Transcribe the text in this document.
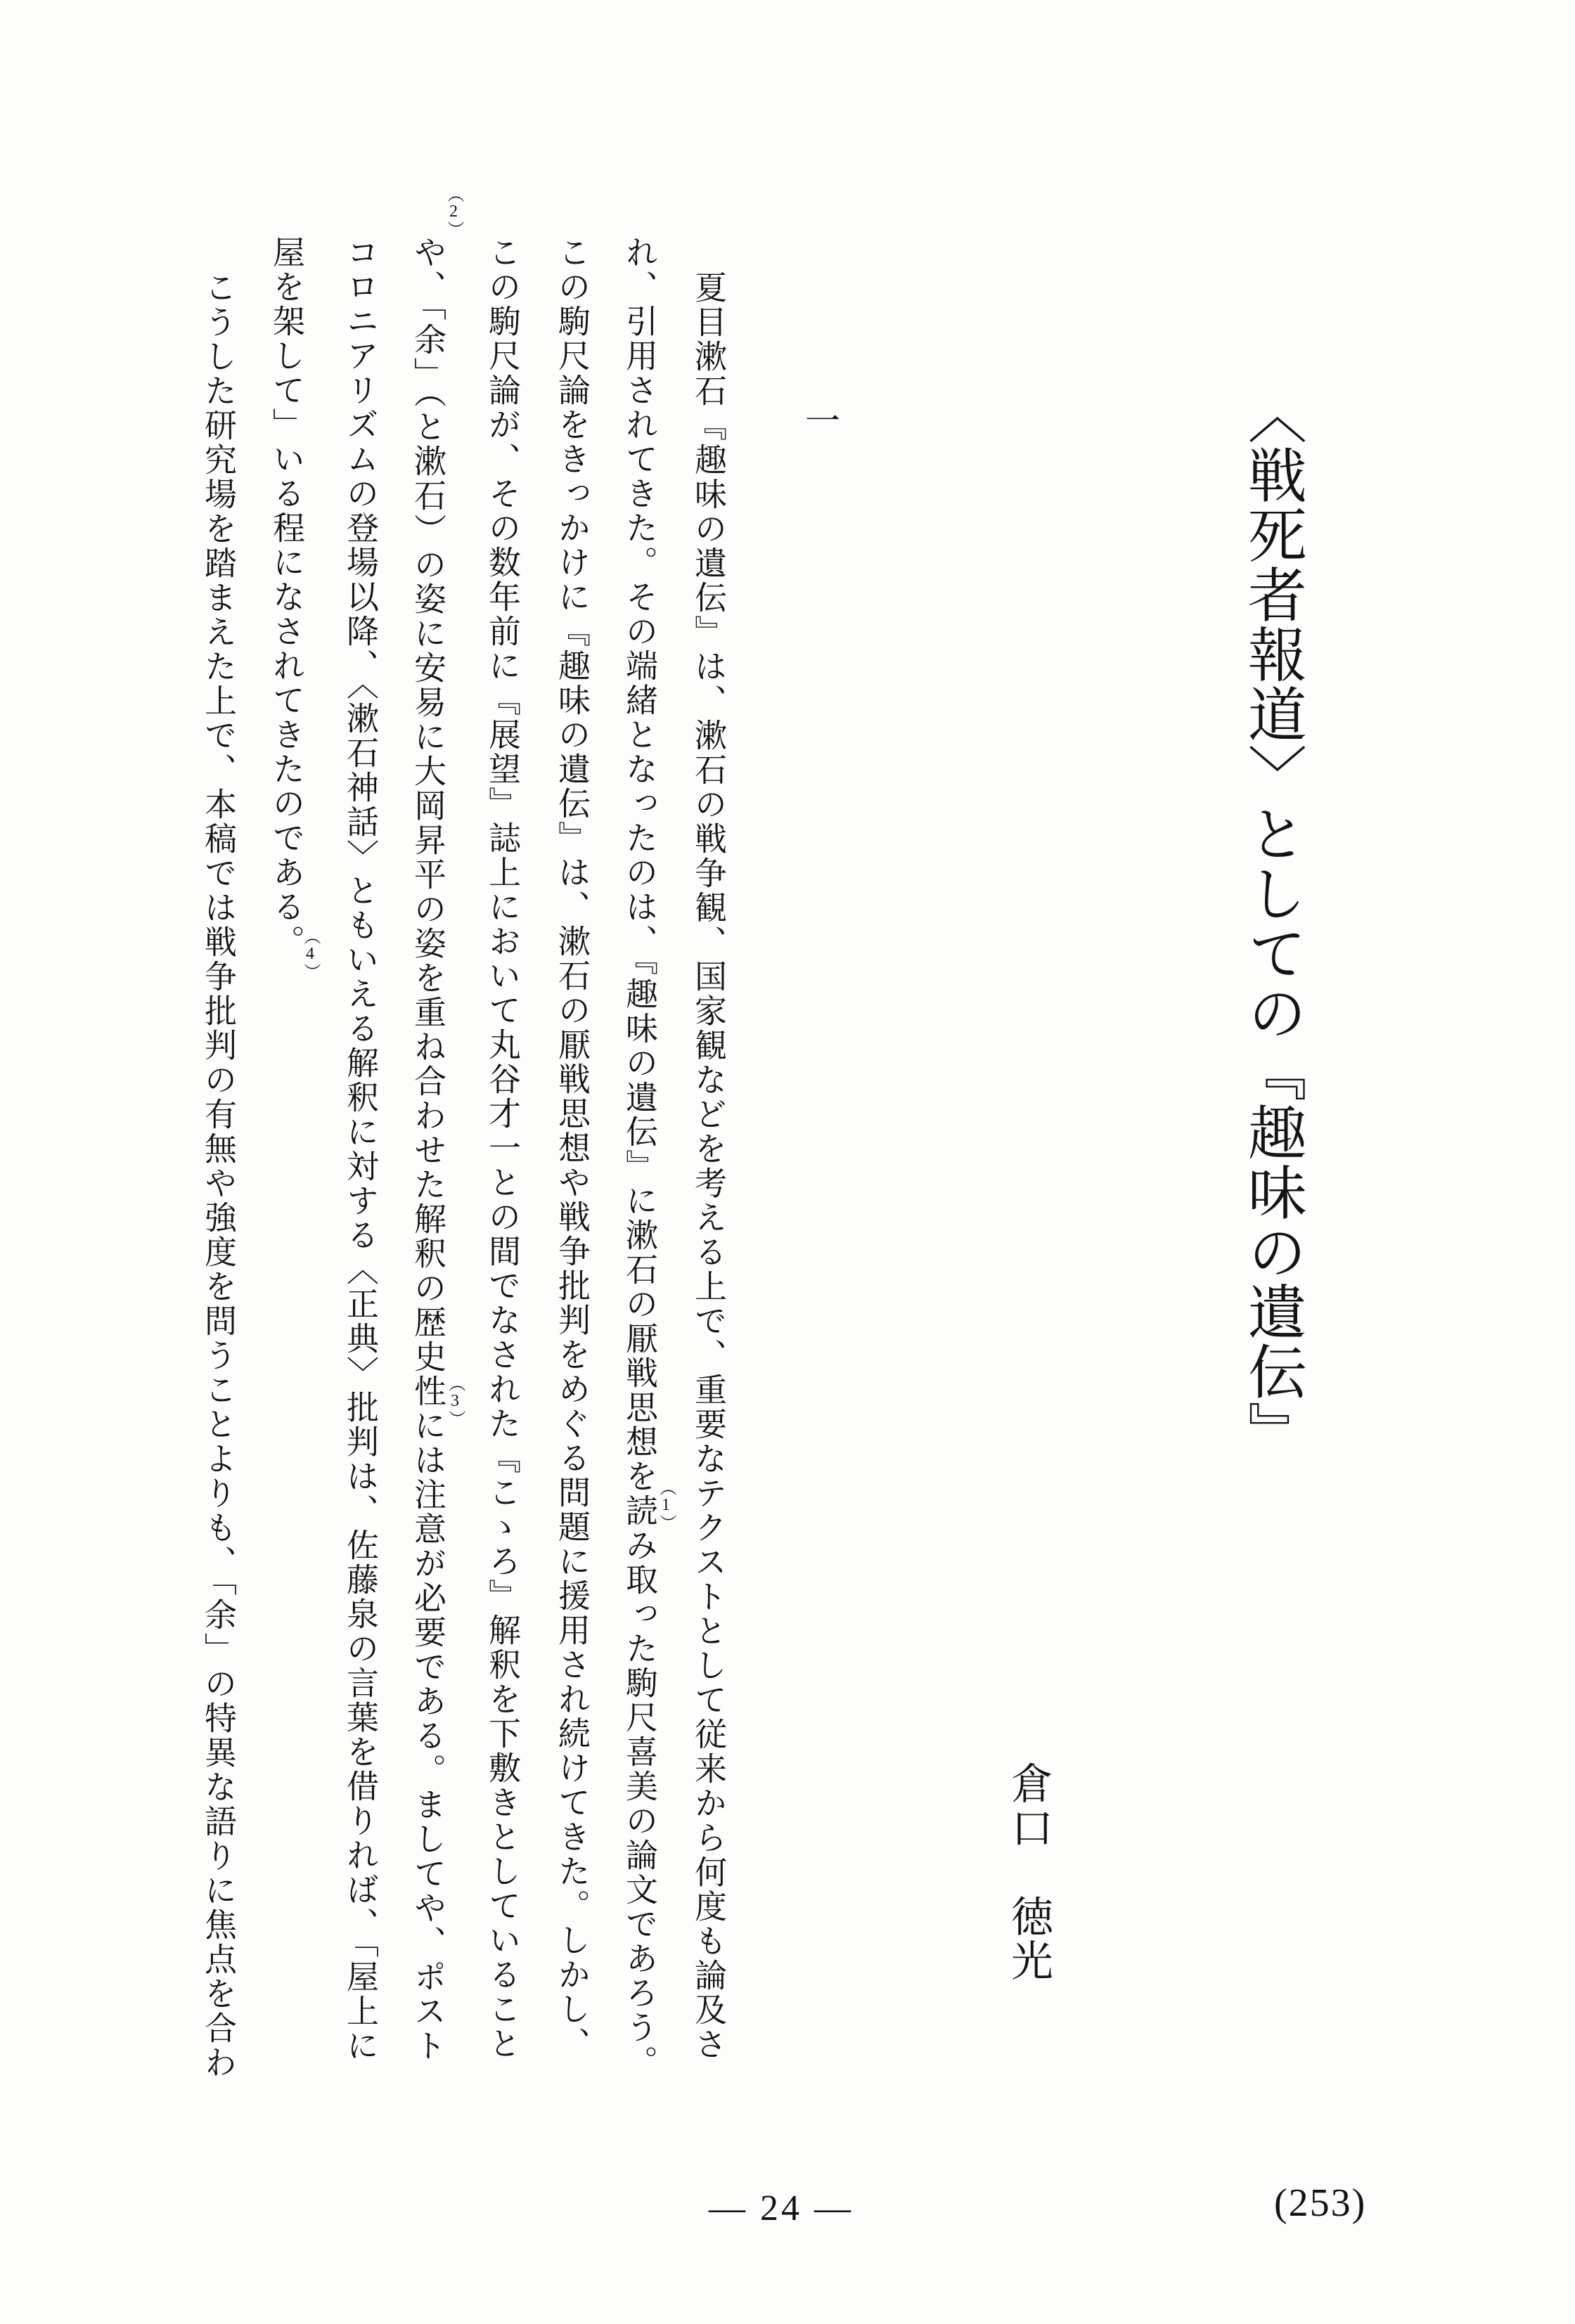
〈戦死者報道〉としての『趣味の遺伝』
倉口　徳光
一
夏目漱石『趣味の遺伝』は、漱石の戦争観、国家観などを考える上で、重要なテクストとして従来から何度も論及さ
れ、引用されてきた。その端緒となったのは、『趣味の遺伝』に漱石の厭戦思想を読み取った駒尺喜美の論文であろう。
この駒尺論をきっかけに『趣味の遺伝』は、漱石の厭戦思想や戦争批判をめぐる問題に援用され続けてきた。しかし、
この駒尺論が、その数年前に『展望』誌上において丸谷才一との間でなされた『こゝろ』解釈を下敷きとしていること
や、「余」（と漱石）の姿に安易に大岡昇平の姿を重ね合わせた解釈の歴史性には注意が必要である。ましてや、ポスト
コロニアリズムの登場以降、〈漱石神話〉ともいえる解釈に対する〈正典〉批判は、佐藤泉の言葉を借りれば、「屋上に
屋を架して」いる程になされてきたのである。
こうした研究場を踏まえた上で、本稿では戦争批判の有無や強度を問うことよりも、「余」の特異な語りに焦点を合わ	（1）
（2）
（3）
（4）
― 24 ―	(253)
